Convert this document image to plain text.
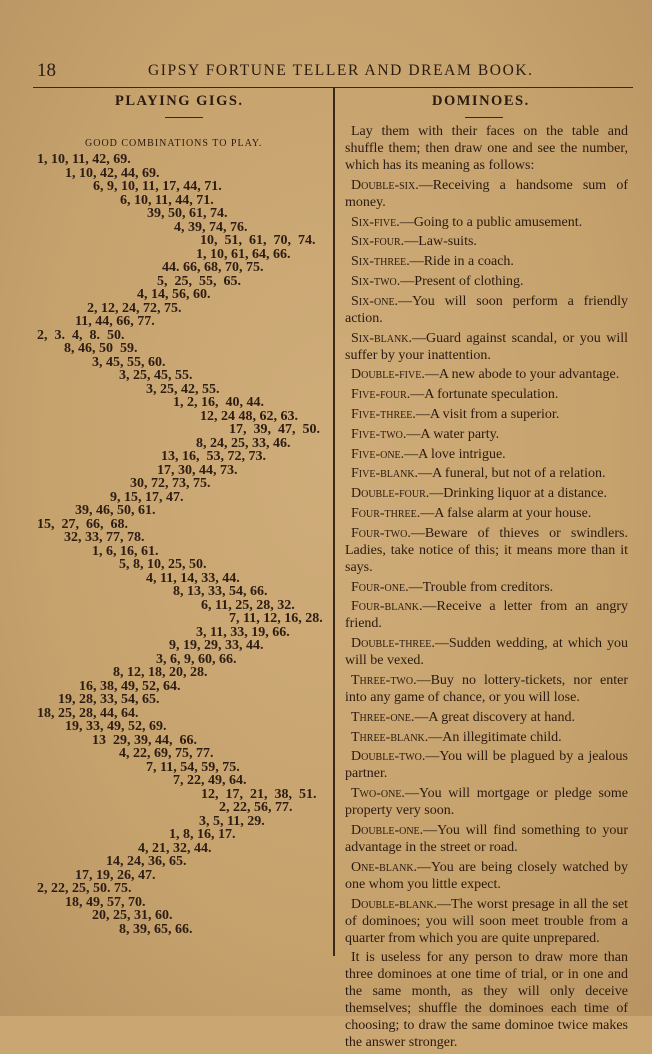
18	GIPSY FORTUNE TELLER AND DREAM BOOK.
PLAYING GIGS.
GOOD COMBINATIONS TO PLAY.
1, 10, 11, 42, 69.
1, 10, 42, 44, 69.
6, 9, 10, 11, 17, 44, 71.
6, 10, 11, 44, 71.
39, 50, 61, 74.
4, 39, 74, 76.
10,  51,  61,  70,  74.
1, 10, 61, 64, 66.
44. 66, 68, 70, 75.
5,  25,  55,  65.
4, 14, 56, 60.
2, 12, 24, 72, 75.
11, 44, 66, 77.
2,  3.  4,  8.  50.
8, 46, 50  59.
3, 45, 55, 60.
3, 25, 45, 55.
3, 25, 42, 55.
1, 2, 16,  40, 44.
12, 24 48, 62, 63.
17,  39,  47,  50.
8, 24, 25, 33, 46.
13, 16,  53, 72, 73.
17, 30, 44, 73.
30, 72, 73, 75.
9, 15, 17, 47.
39, 46, 50, 61.
15,  27,  66,  68.
32, 33, 77, 78.
1, 6, 16, 61.
5, 8, 10, 25, 50.
4, 11, 14, 33, 44.
8, 13, 33, 54, 66.
6, 11, 25, 28, 32.
7, 11, 12, 16, 28.
3, 11, 33, 19, 66.
9, 19, 29, 33, 44.
3, 6, 9, 60, 66.
8, 12, 18, 20, 28.
16, 38, 49, 52, 64.
19, 28, 33, 54, 65.
18, 25, 28, 44, 64.
19, 33, 49, 52, 69.
13  29, 39, 44,  66.
4, 22, 69, 75, 77.
7, 11, 54, 59, 75.
7, 22, 49, 64.
12,  17,  21,  38,  51.
2, 22, 56, 77.
3, 5, 11, 29.
1, 8, 16, 17.
4, 21, 32, 44.
14, 24, 36, 65.
17, 19, 26, 47.
2, 22, 25, 50. 75.
18, 49, 57, 70.
20, 25, 31, 60.
8, 39, 65, 66.
DOMINOES.

Lay them with their faces on the table and shuffle them; then draw one and see the number, which has its meaning as follows:

Double-six.—Receiving a handsome sum of money.

Six-five.—Going to a public amusement.

Six-four.—Law-suits.

Six-three.—Ride in a coach.

Six-two.—Present of clothing.

Six-one.—You will soon perform a friendly action.

Six-blank.—Guard against scandal, or you will suffer by your inattention.

Double-five.—A new abode to your advantage.

Five-four.—A fortunate speculation.

Five-three.—A visit from a superior.

Five-two.—A water party.

Five-one.—A love intrigue.

Five-blank.—A funeral, but not of a relation.

Double-four.—Drinking liquor at a distance.

Four-three.—A false alarm at your house.

Four-two.—Beware of thieves or swindlers. Ladies, take notice of this; it means more than it says.

Four-one.—Trouble from creditors.

Four-blank.—Receive a letter from an angry friend.

Double-three.—Sudden wedding, at which you will be vexed.

Three-two.—Buy no lottery-tickets, nor enter into any game of chance, or you will lose.

Three-one.—A great discovery at hand.

Three-blank.—An illegitimate child.

Double-two.—You will be plagued by a jealous partner.

Two-one.—You will mortgage or pledge some property very soon.

Double-one.—You will find something to your advantage in the street or road.

One-blank.—You are being closely watched by one whom you little expect.

Double-blank.—The worst presage in all the set of dominoes; you will soon meet trouble from a quarter from which you are quite unprepared.

It is useless for any person to draw more than three dominoes at one time of trial, or in one and the same month, as they will only deceive themselves; shuffle the dominoes each time of choosing; to draw the same dominoe twice makes the answer stronger.
